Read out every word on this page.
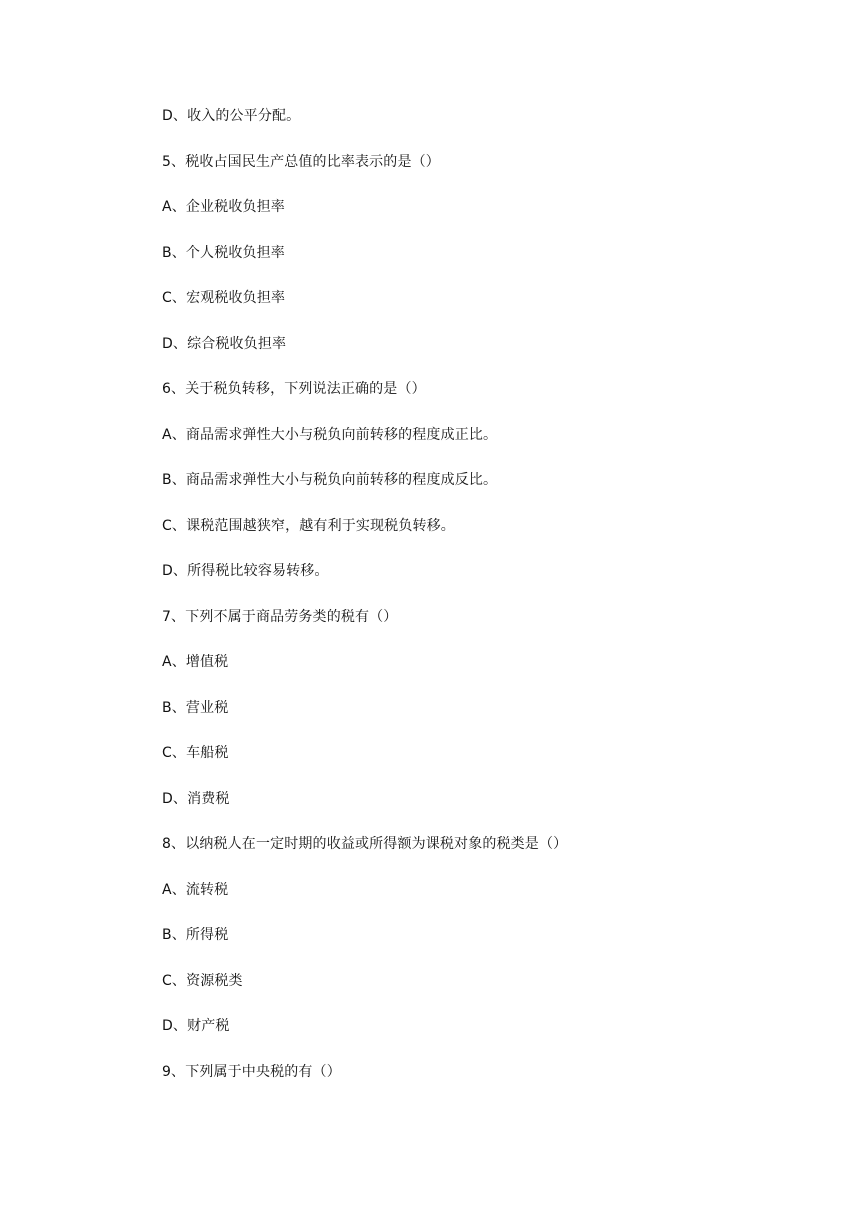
D、收入的公平分配。
5、税收占国民生产总值的比率表示的是（）
A、企业税收负担率
B、个人税收负担率
C、宏观税收负担率
D、综合税收负担率
6、关于税负转移，下列说法正确的是（）
A、商品需求弹性大小与税负向前转移的程度成正比。
B、商品需求弹性大小与税负向前转移的程度成反比。
C、课税范围越狭窄，越有利于实现税负转移。
D、所得税比较容易转移。
7、下列不属于商品劳务类的税有（）
A、增值税
B、营业税
C、车船税
D、消费税
8、以纳税人在一定时期的收益或所得额为课税对象的税类是（）
A、流转税
B、所得税
C、资源税类
D、财产税
9、下列属于中央税的有（）
